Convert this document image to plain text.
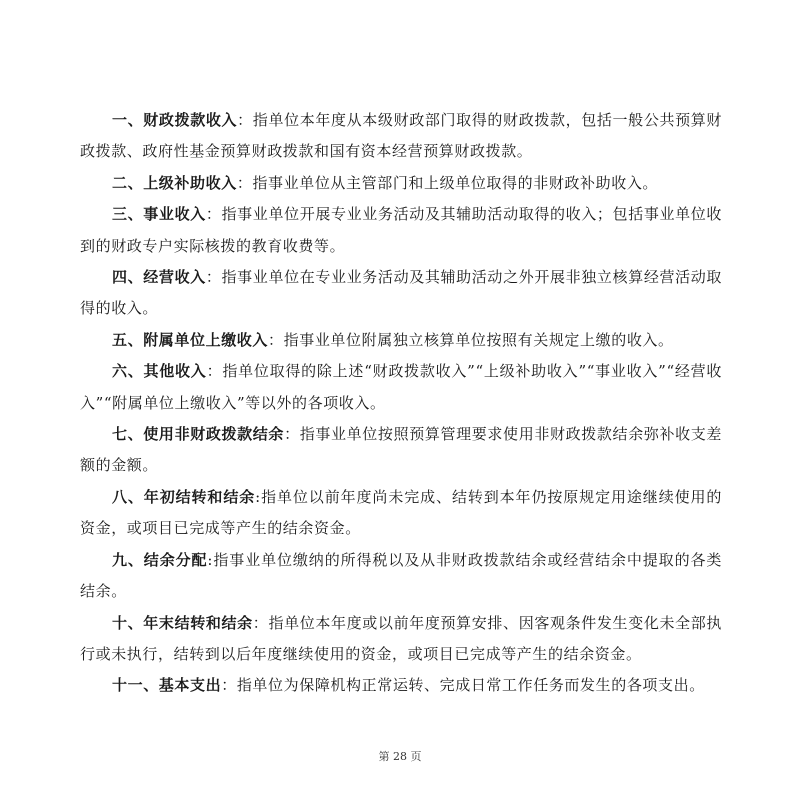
一、财政拨款收入：指单位本年度从本级财政部门取得的财政拨款，包括一般公共预算财政拨款、政府性基金预算财政拨款和国有资本经营预算财政拨款。

二、上级补助收入：指事业单位从主管部门和上级单位取得的非财政补助收入。

三、事业收入：指事业单位开展专业业务活动及其辅助活动取得的收入；包括事业单位收到的财政专户实际核拨的教育收费等。

四、经营收入：指事业单位在专业业务活动及其辅助活动之外开展非独立核算经营活动取得的收入。

五、附属单位上缴收入：指事业单位附属独立核算单位按照有关规定上缴的收入。

六、其他收入：指单位取得的除上述“财政拨款收入”“上级补助收入”“事业收入”“经营收入”“附属单位上缴收入”等以外的各项收入。

七、使用非财政拨款结余：指事业单位按照预算管理要求使用非财政拨款结余弥补收支差额的金额。

八、年初结转和结余:指单位以前年度尚未完成、结转到本年仍按原规定用途继续使用的资金，或项目已完成等产生的结余资金。

九、结余分配:指事业单位缴纳的所得税以及从非财政拨款结余或经营结余中提取的各类结余。

十、年末结转和结余：指单位本年度或以前年度预算安排、因客观条件发生变化未全部执行或未执行，结转到以后年度继续使用的资金，或项目已完成等产生的结余资金。

十一、基本支出：指单位为保障机构正常运转、完成日常工作任务而发生的各项支出。

第 28 页
